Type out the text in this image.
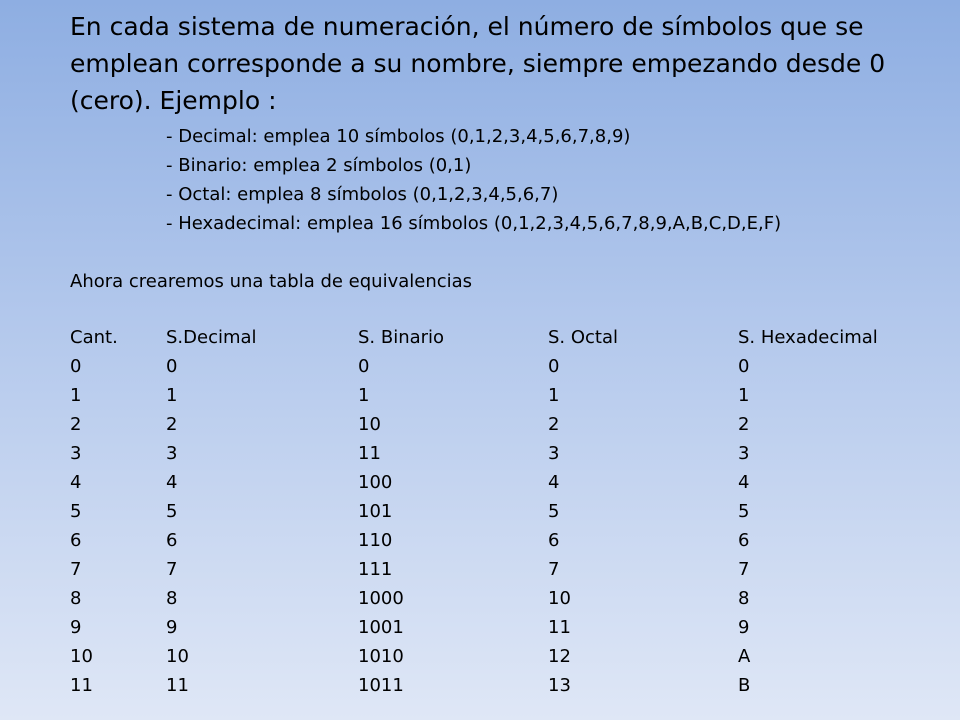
En cada sistema de numeración, el número de símbolos que se emplean corresponde a su nombre, siempre empezando desde 0 (cero). Ejemplo :

- Decimal: emplea 10 símbolos (0,1,2,3,4,5,6,7,8,9)
- Binario: emplea 2 símbolos (0,1)
- Octal: emplea 8 símbolos (0,1,2,3,4,5,6,7)
- Hexadecimal: emplea 16 símbolos (0,1,2,3,4,5,6,7,8,9,A,B,C,D,E,F)
Ahora crearemos una tabla de equivalencias
Cant.	S.Decimal	S. Binario	S. Octal	S. Hexadecimal
0	0	0	0	0
1	1	1	1	1
2	2	10	2	2
3	3	11	3	3
4	4	100	4	4
5	5	101	5	5
6	6	110	6	6
7	7	111	7	7
8	8	1000	10	8
9	9	1001	11	9
10	10	1010	12	A
11	11	1011	13	B
